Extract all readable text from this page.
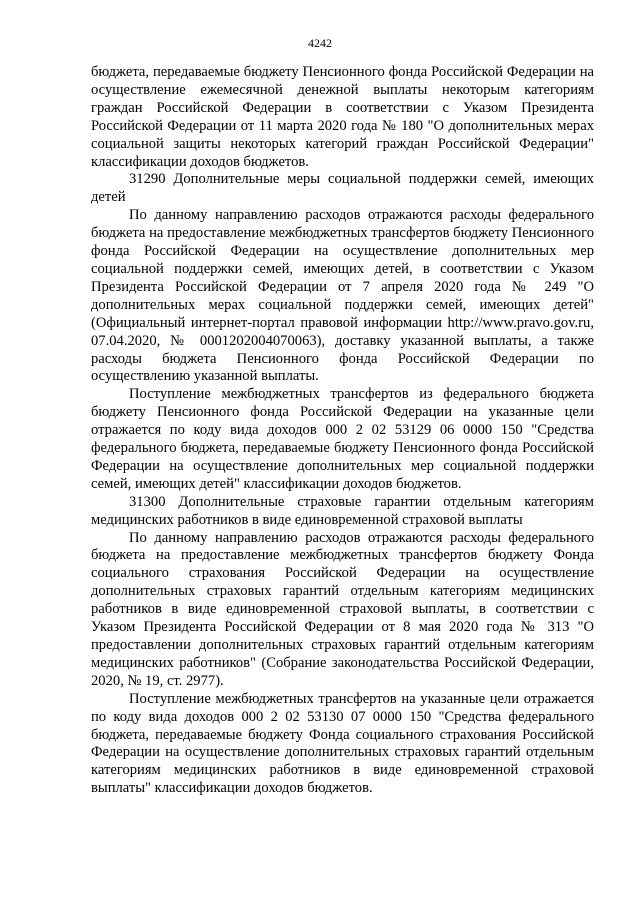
4242

бюджета, передаваемые бюджету Пенсионного фонда Российской Федерации на осуществление ежемесячной денежной выплаты некоторым категориям граждан Российской Федерации в соответствии с Указом Президента Российской Федерации от 11 марта 2020 года № 180 "О дополнительных мерах социальной защиты некоторых категорий граждан Российской Федерации" классификации доходов бюджетов.

31290 Дополнительные меры социальной поддержки семей, имеющих детей

По данному направлению расходов отражаются расходы федерального бюджета на предоставление межбюджетных трансфертов бюджету Пенсионного фонда Российской Федерации на осуществление дополнительных мер социальной поддержки семей, имеющих детей, в соответствии с Указом Президента Российской Федерации от 7 апреля 2020 года № 249 "О дополнительных мерах социальной поддержки семей, имеющих детей" (Официальный интернет-портал правовой информации http://www.pravo.gov.ru, 07.04.2020, № 0001202004070063), доставку указанной выплаты, а также расходы бюджета Пенсионного фонда Российской Федерации по осуществлению указанной выплаты.

Поступление межбюджетных трансфертов из федерального бюджета бюджету Пенсионного фонда Российской Федерации на указанные цели отражается по коду вида доходов 000 2 02 53129 06 0000 150 "Средства федерального бюджета, передаваемые бюджету Пенсионного фонда Российской Федерации на осуществление дополнительных мер социальной поддержки семей, имеющих детей" классификации доходов бюджетов.

31300 Дополнительные страховые гарантии отдельным категориям медицинских работников в виде единовременной страховой выплаты

По данному направлению расходов отражаются расходы федерального бюджета на предоставление межбюджетных трансфертов бюджету Фонда социального страхования Российской Федерации на осуществление дополнительных страховых гарантий отдельным категориям медицинских работников в виде единовременной страховой выплаты, в соответствии с Указом Президента Российской Федерации от 8 мая 2020 года № 313 "О предоставлении дополнительных страховых гарантий отдельным категориям медицинских работников" (Собрание законодательства Российской Федерации, 2020, № 19, ст. 2977).

Поступление межбюджетных трансфертов на указанные цели отражается по коду вида доходов 000 2 02 53130 07 0000 150 "Средства федерального бюджета, передаваемые бюджету Фонда социального страхования Российской Федерации на осуществление дополнительных страховых гарантий отдельным категориям медицинских работников в виде единовременной страховой выплаты" классификации доходов бюджетов.
